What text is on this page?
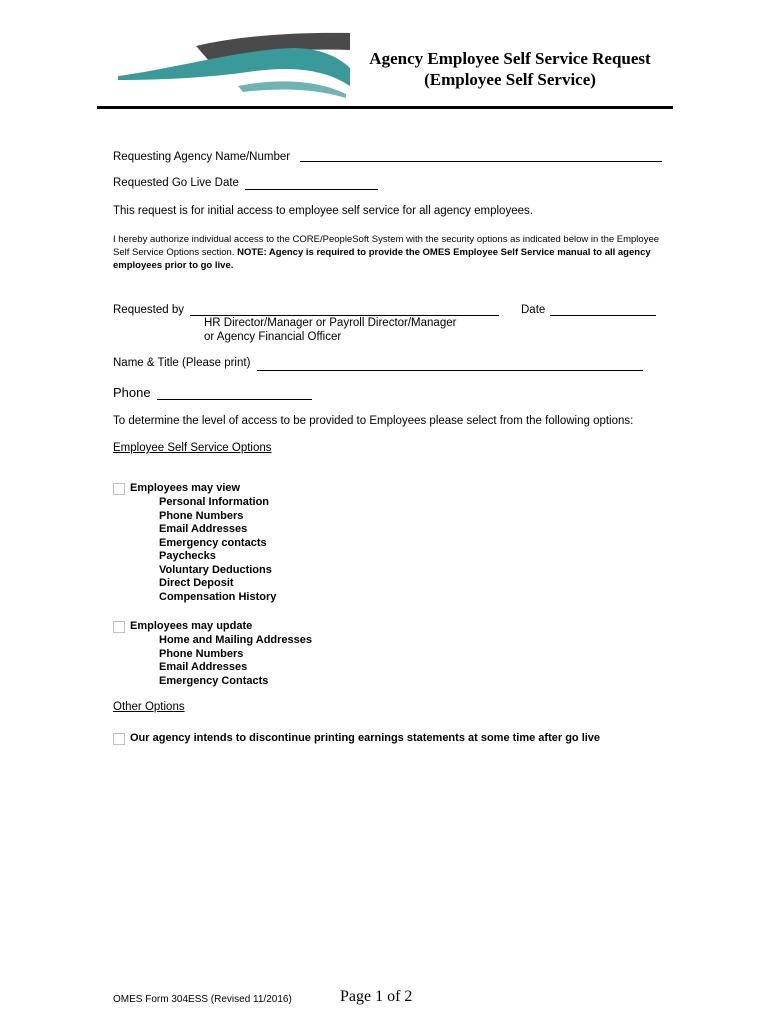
Agency Employee Self Service Request
(Employee Self Service)
Requesting Agency Name/Number
Requested Go Live Date
This request is for initial access to employee self service for all agency employees.
I hereby authorize individual access to the CORE/PeopleSoft System with the security options as indicated below in the Employee Self Service Options section. NOTE: Agency is required to provide the OMES Employee Self Service manual to all agency employees prior to go live.
Requested by	Date
HR Director/Manager or Payroll Director/Manager
or Agency Financial Officer
Name & Title (Please print)
Phone
To determine the level of access to be provided to Employees please select from the following options:
Employee Self Service Options
Employees may view
Personal Information
Phone Numbers
Email Addresses
Emergency contacts
Paychecks
Voluntary Deductions
Direct Deposit
Compensation History
Employees may update
Home and Mailing Addresses
Phone Numbers
Email Addresses
Emergency Contacts
Other Options
Our agency intends to discontinue printing earnings statements at some time after go live
OMES Form 304ESS (Revised 11/2016)	Page 1 of 2
